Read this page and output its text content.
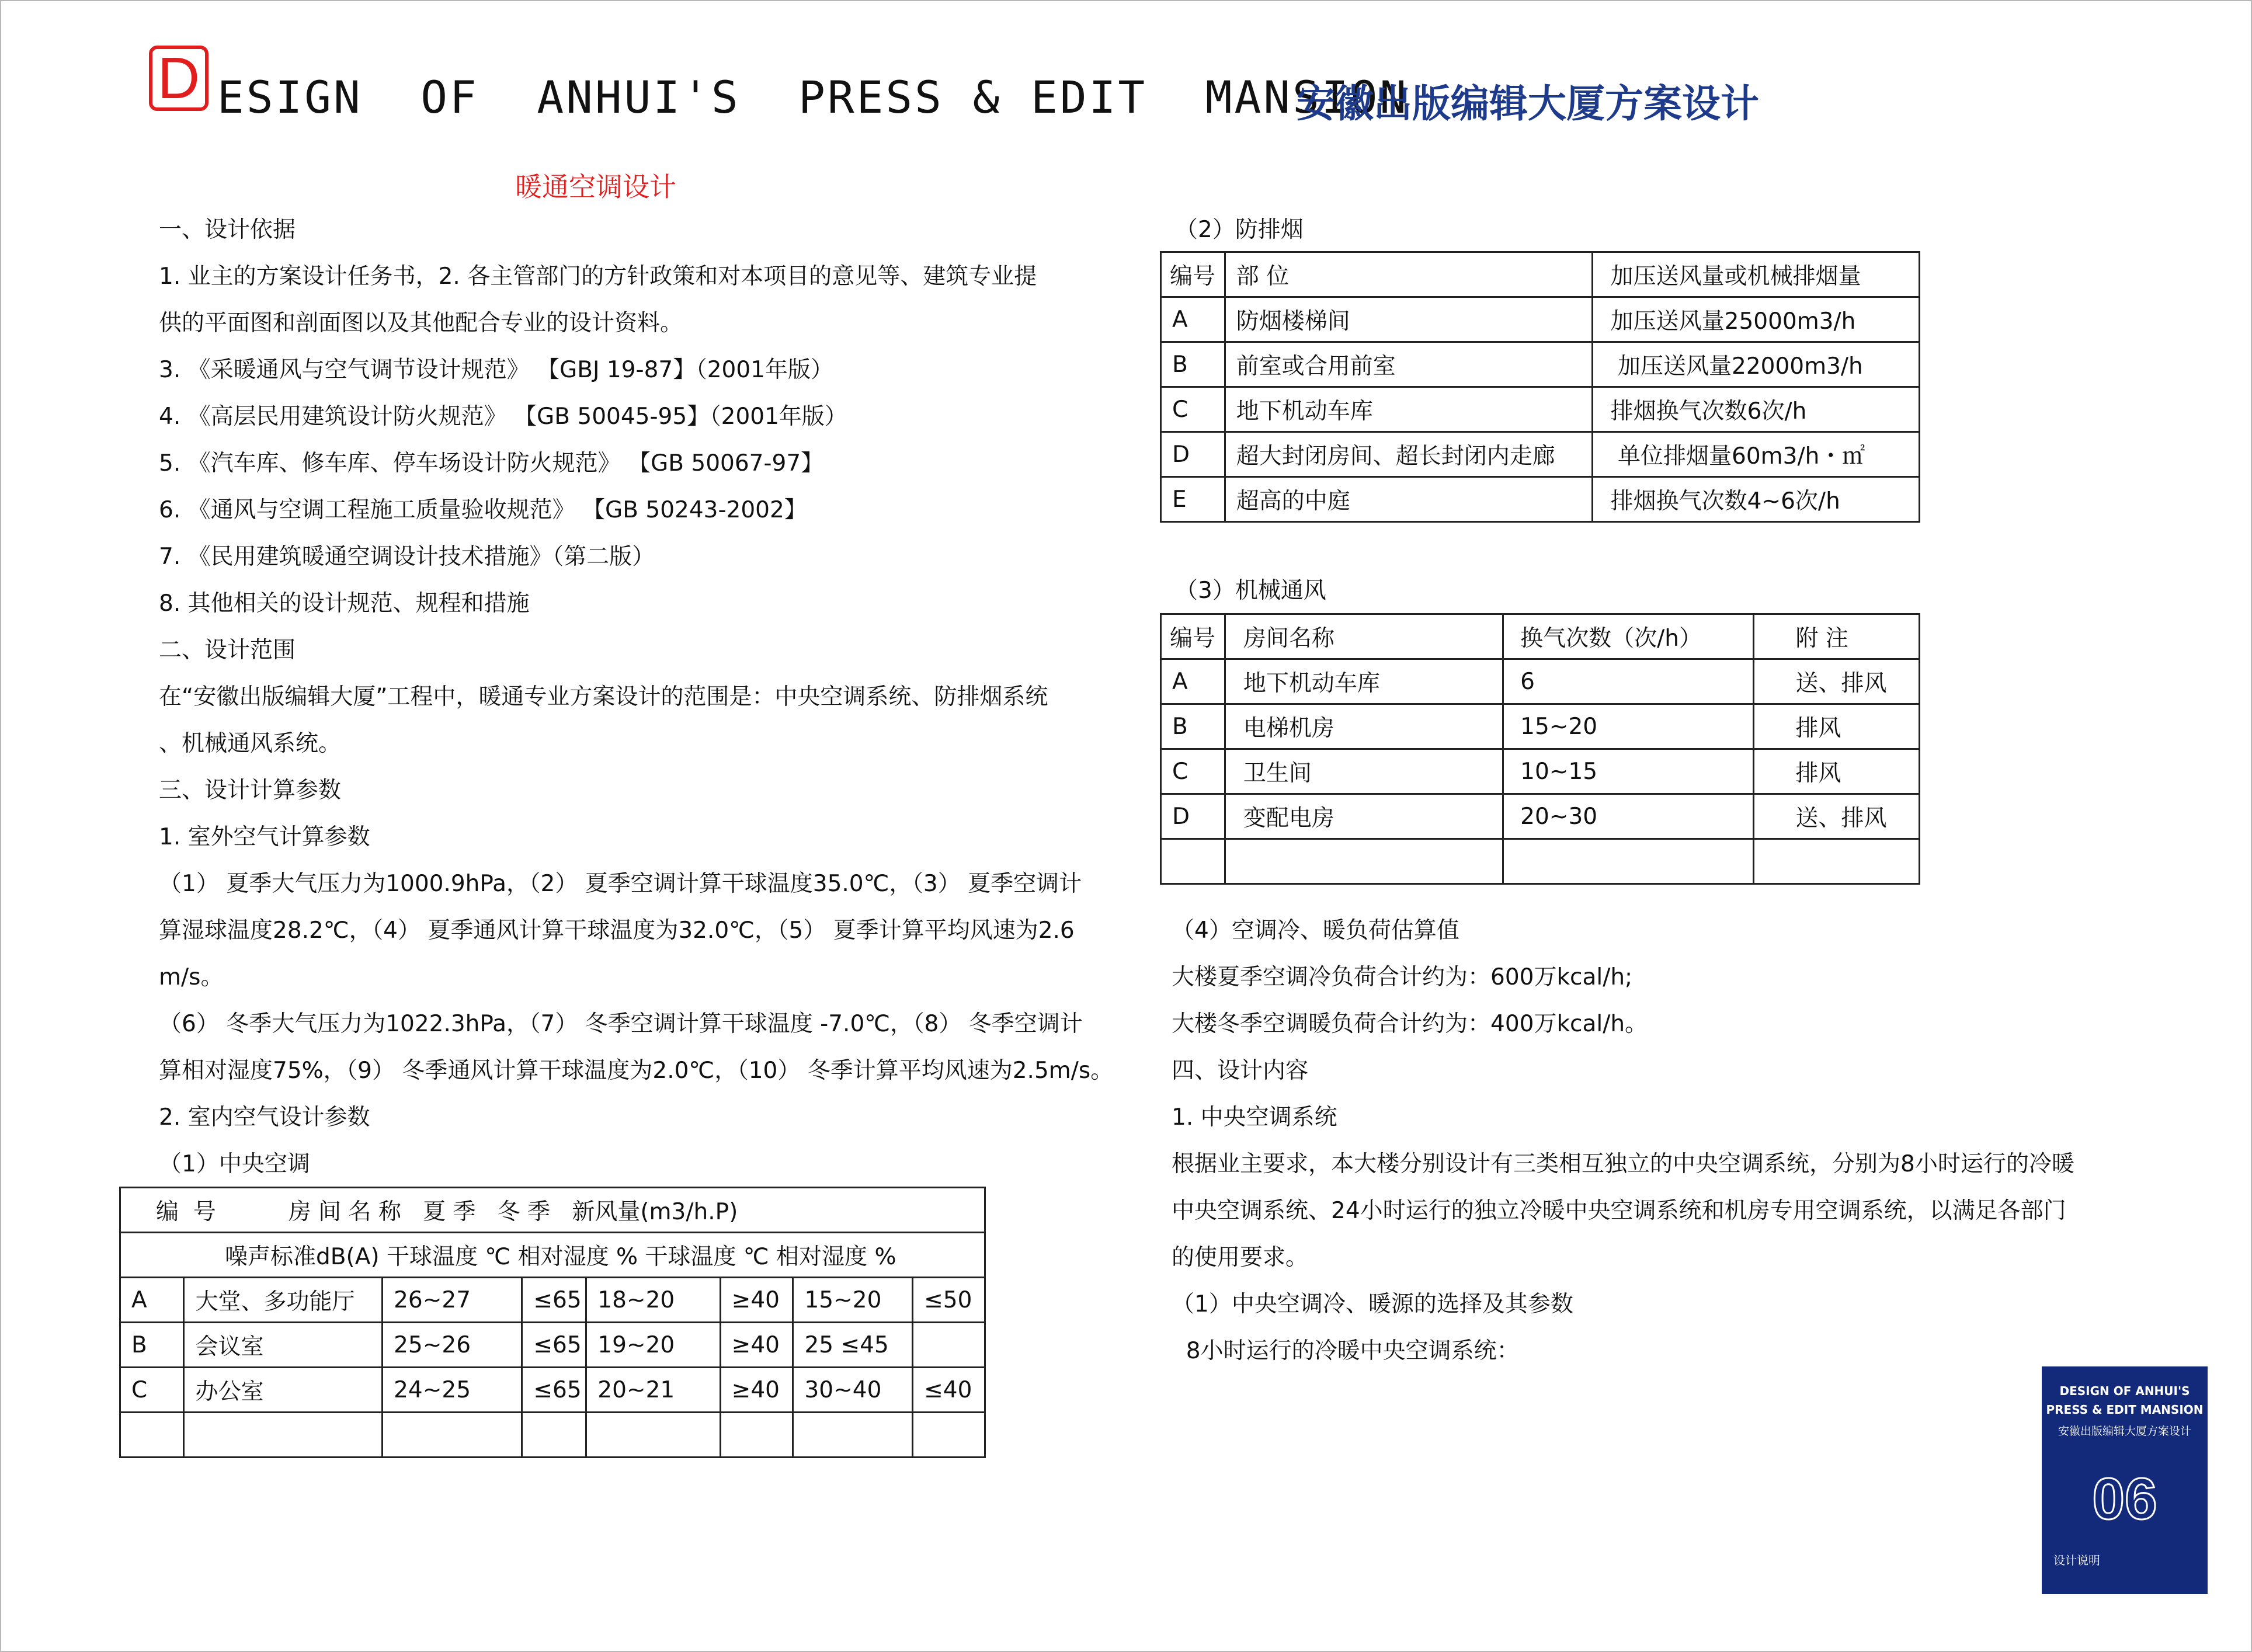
D ESIGN  OF  ANHUI'S  PRESS & EDIT  MANSION
安徽出版编辑大厦方案设计
暖通空调设计
一、设计依据
1. 业主的方案设计任务书，2. 各主管部门的方针政策和对本项目的意见等、建筑专业提
供的平面图和剖面图以及其他配合专业的设计资料。
3. 《采暖通风与空气调节设计规范》 【GBJ 19-87】（2001年版）
4. 《高层民用建筑设计防火规范》 【GB 50045-95】（2001年版）
5. 《汽车库、修车库、停车场设计防火规范》 【GB 50067-97】
6. 《通风与空调工程施工质量验收规范》 【GB 50243-2002】
7. 《民用建筑暖通空调设计技术措施》（第二版）
8. 其他相关的设计规范、规程和措施
二、设计范围
在“安徽出版编辑大厦”工程中，暖通专业方案设计的范围是：中央空调系统、防排烟系统
、机械通风系统。
三、设计计算参数
1. 室外空气计算参数
（1） 夏季大气压力为1000.9hPa，（2） 夏季空调计算干球温度35.0℃，（3） 夏季空调计
算湿球温度28.2℃，（4） 夏季通风计算干球温度为32.0℃，（5） 夏季计算平均风速为2.6
m/s。
（6） 冬季大气压力为1022.3hPa，（7） 冬季空调计算干球温度 -7.0℃，（8） 冬季空调计
算相对湿度75%，（9） 冬季通风计算干球温度为2.0℃，（10） 冬季计算平均风速为2.5m/s。
2. 室内空气设计参数
（1）中央空调
编  号          房 间 名 称   夏 季   冬 季   新风量(m3/h.P)							
噪声标准dB(A) 干球温度 ℃ 相对湿度 % 干球温度 ℃ 相对湿度 %							
A	大堂、多功能厅	26~27	≤65	18~20	≥40	15~20	≤50
B	会议室	25~26	≤65	19~20	≥40	25 ≤45	
C	办公室	24~25	≤65	20~21	≥40	30~40	≤40

（2）防排烟
编号	部 位	加压送风量或机械排烟量
A	防烟楼梯间	加压送风量25000m3/h
B	前室或合用前室	加压送风量22000m3/h
C	地下机动车库	排烟换气次数6次/h
D	超大封闭房间、超长封闭内走廊	单位排烟量60m3/h・㎡
E	超高的中庭	排烟换气次数4~6次/h
（3）机械通风
编号	房间名称	换气次数（次/h）	附 注
A	地下机动车库	6	送、排风
B	电梯机房	15~20	排风
C	卫生间	10~15	排风
D	变配电房	20~30	送、排风

（4）空调冷、暖负荷估算值
大楼夏季空调冷负荷合计约为：600万kcal/h;
大楼冬季空调暖负荷合计约为：400万kcal/h。
四、设计内容
1. 中央空调系统
根据业主要求，本大楼分别设计有三类相互独立的中央空调系统，分别为8小时运行的冷暖
中央空调系统、24小时运行的独立冷暖中央空调系统和机房专用空调系统，以满足各部门
的使用要求。
（1）中央空调冷、暖源的选择及其参数
8小时运行的冷暖中央空调系统：
DESIGN OF ANHUI'S
PRESS & EDIT MANSION
安徽出版编辑大厦方案设计
06
设计说明
